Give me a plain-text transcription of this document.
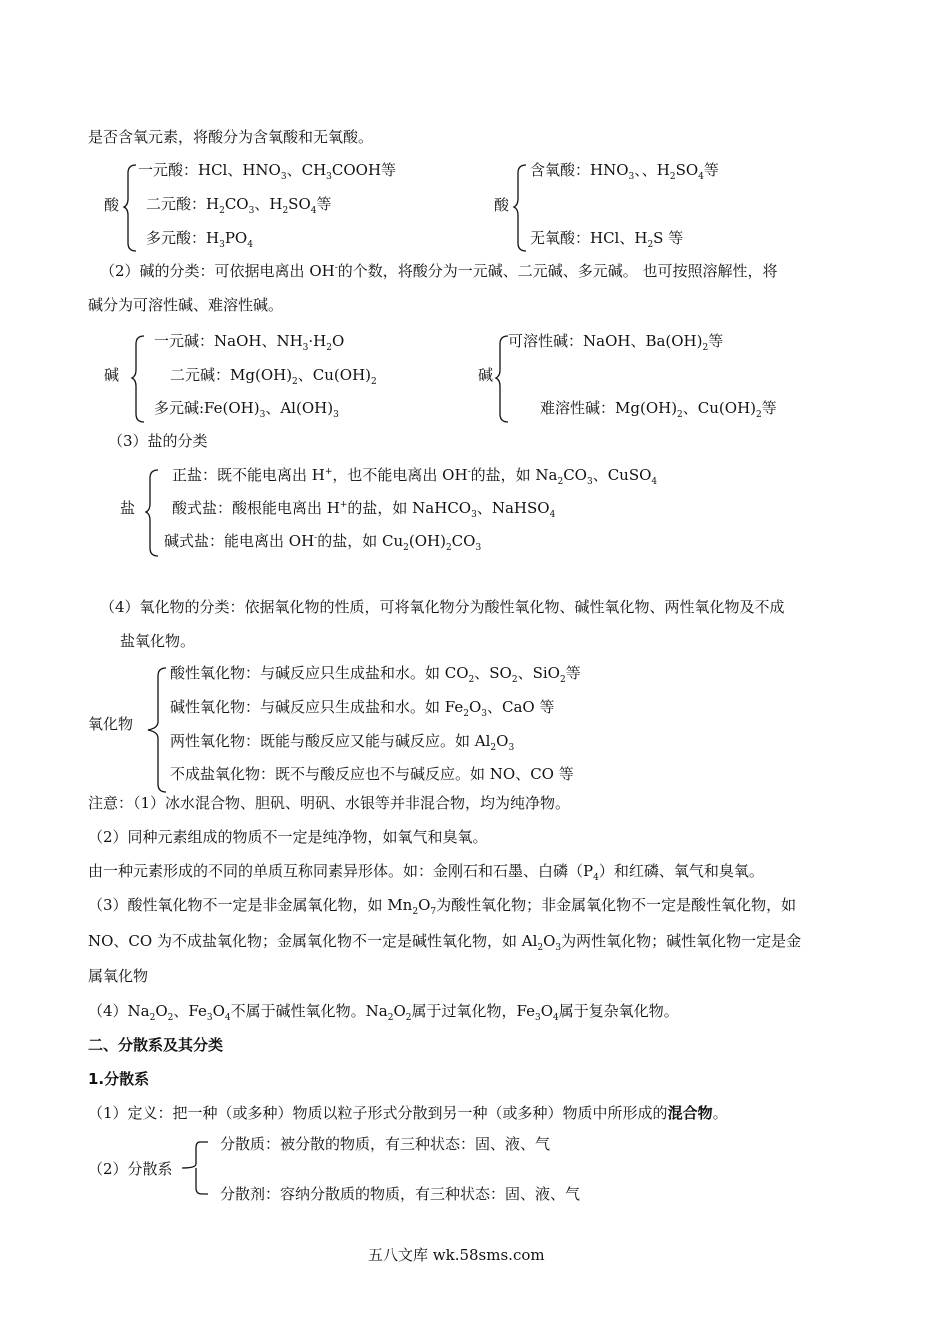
是否含氧元素，将酸分为含氧酸和无氧酸。
酸
一元酸：HCl、$HNO_3$、$CH_3COOH$等
二元酸：$H_2CO_3$、$H_2SO_4$等
多元酸：$H_3PO_4$
酸
含氧酸：$HNO_3$、、$H_2SO_4$等
无氧酸：HCl、$H_2S$ 等
（2）碱的分类：可依据电离出 OH-的个数，将酸分为一元碱、二元碱、多元碱。 也可按照溶解性，将
碱分为可溶性碱、难溶性碱。
碱
一元碱：NaOH、$NH_3\cdot H_2O$
二元碱：$Mg(OH)_2$、$Cu(OH)_2$
多元碱$:Fe(OH)_3$、$Al(OH)_3$
碱
可溶性碱：NaOH、$Ba(OH)_2$等
难溶性碱：$Mg(OH)_2$、$Cu(OH)_2$等
（3）盐的分类
盐
正盐：既不能电离出 H+，也不能电离出 OH-的盐，如 $Na_2CO_3$、CuSO$_4$
酸式盐：酸根能电离出 H+的盐，如 NaHCO$_3$、NaHSO$_4$
碱式盐：能电离出 OH-的盐，如 $Cu_2(OH)_2CO_3$
（4）氧化物的分类：依据氧化物的性质，可将氧化物分为酸性氧化物、碱性氧化物、两性氧化物及不成
盐氧化物。
氧化物
酸性氧化物：与碱反应只生成盐和水。如 $CO_2$、$SO_2$、SiO$_2$等
碱性氧化物：与碱反应只生成盐和水。如 $Fe_2O_3$、CaO 等
两性氧化物：既能与酸反应又能与碱反应。如 $Al_2O_3$
不成盐氧化物：既不与酸反应也不与碱反应。如 NO、CO 等
注意：（1）冰水混合物、胆矾、明矾、水银等并非混合物，均为纯净物。
（2）同种元素组成的物质不一定是纯净物，如氧气和臭氧。
由一种元素形成的不同的单质互称同素异形体。如：金刚石和石墨、白磷$(P_4)$和红磷、氧气和臭氧。
（3）酸性氧化物不一定是非金属氧化物，如 $Mn_2O_7$为酸性氧化物；非金属氧化物不一定是酸性氧化物，如
NO、CO 为不成盐氧化物；金属氧化物不一定是碱性氧化物，如 $Al_2O_3$为两性氧化物；碱性氧化物一定是金
属氧化物
$(4)Na_2O_2$、$Fe_3O_4$不属于碱性氧化物。$Na_2O_2$属于过氧化物，$Fe_3O_4$属于复杂氧化物。
二、分散系及其分类
1.分散系
（1）定义：把一种（或多种）物质以粒子形式分散到另一种（或多种）物质中所形成的混合物。
（2）分散系
分散质：被分散的物质，有三种状态：固、液、气
分散剂：容纳分散质的物质，有三种状态：固、液、气
五八文库 wk.58sms.com
